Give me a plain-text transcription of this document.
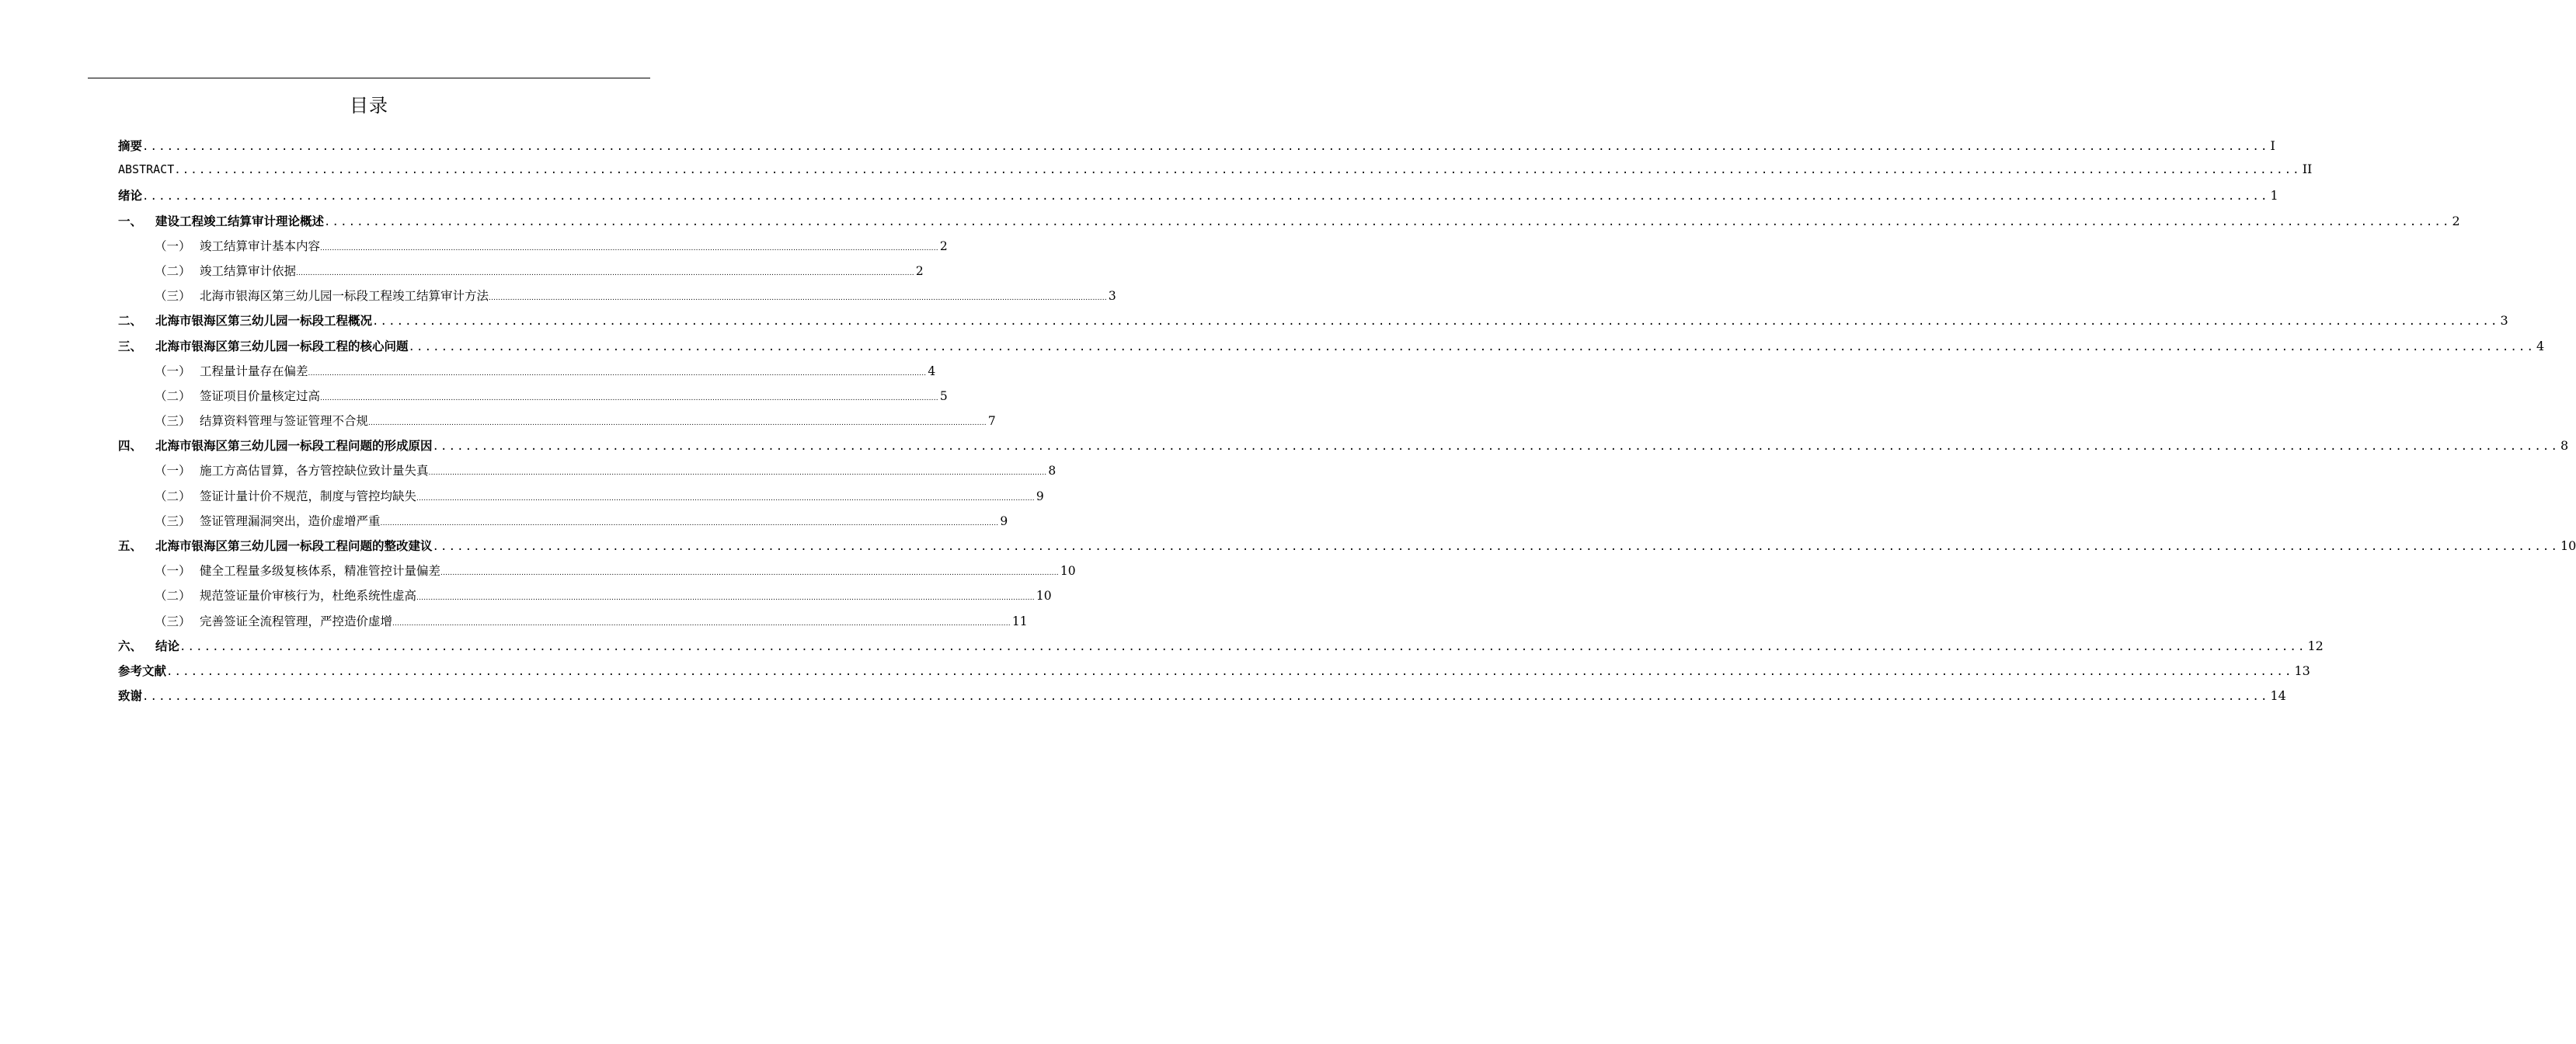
目录
摘要 .................................................................................................................................................................................................................................................................... I
ABSTRACT .................................................................................................................................................................................................................................................................... II
绪论 .................................................................................................................................................................................................................................................................... 1
一、	建设工程竣工结算审计理论概述 .................................................................................................................................................................................................................................................................... 2
（一） 竣工结算审计基本内容 .................................................................................................................................................................................................................................................................... 2
（二） 竣工结算审计依据 .................................................................................................................................................................................................................................................................... 2
（三） 北海市银海区第三幼儿园一标段工程竣工结算审计方法 .................................................................................................................................................................................................................................................................... 3
二、	北海市银海区第三幼儿园一标段工程概况 .................................................................................................................................................................................................................................................................... 3
三、	北海市银海区第三幼儿园一标段工程的核心问题 .................................................................................................................................................................................................................................................................... 4
（一） 工程量计量存在偏差 .................................................................................................................................................................................................................................................................... 4
（二） 签证项目价量核定过高 .................................................................................................................................................................................................................................................................... 5
（三） 结算资料管理与签证管理不合规 .................................................................................................................................................................................................................................................................... 7
四、	北海市银海区第三幼儿园一标段工程问题的形成原因 .................................................................................................................................................................................................................................................................... 8
（一） 施工方高估冒算，各方管控缺位致计量失真 .................................................................................................................................................................................................................................................................... 8
（二） 签证计量计价不规范，制度与管控均缺失 .................................................................................................................................................................................................................................................................... 9
（三） 签证管理漏洞突出，造价虚增严重 .................................................................................................................................................................................................................................................................... 9
五、	北海市银海区第三幼儿园一标段工程问题的整改建议 .................................................................................................................................................................................................................................................................... 10
（一） 健全工程量多级复核体系，精准管控计量偏差 .................................................................................................................................................................................................................................................................... 10
（二） 规范签证量价审核行为，杜绝系统性虚高 .................................................................................................................................................................................................................................................................... 10
（三） 完善签证全流程管理，严控造价虚增 .................................................................................................................................................................................................................................................................... 11
六、	结论 .................................................................................................................................................................................................................................................................... 12
参考文献 .................................................................................................................................................................................................................................................................... 13
致谢 .................................................................................................................................................................................................................................................................... 14
